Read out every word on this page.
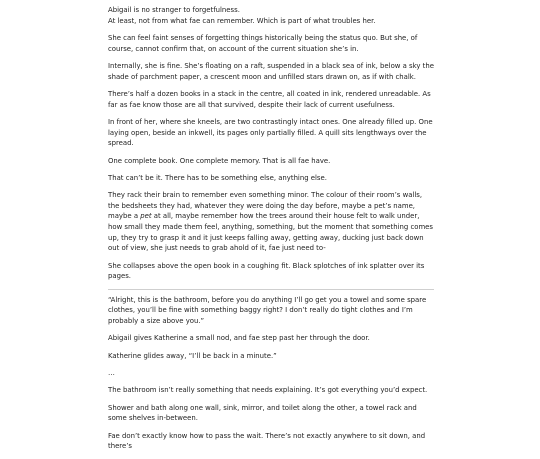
Abigail is no stranger to forgetfulness.

At least, not from what fae can remember. Which is part of what troubles her.

She can feel faint senses of forgetting things historically being the status quo. But she, of course, cannot confirm that, on account of the current situation she’s in.

Internally, she is fine. She’s floating on a raft, suspended in a black sea of ink, below a sky the shade of parchment paper, a crescent moon and unfilled stars drawn on, as if with chalk.

There’s half a dozen books in a stack in the centre, all coated in ink, rendered unreadable. As far as fae know those are all that survived, despite their lack of current usefulness.

In front of her, where she kneels, are two contrastingly intact ones. One already filled up. One laying open, beside an inkwell, its pages only partially filled. A quill sits lengthways over the spread.

One complete book. One complete memory. That is all fae have.

That can’t be it. There has to be something else, anything else.

They rack their brain to remember even something minor. The colour of their room’s walls, the bedsheets they had, whatever they were doing the day before, maybe a pet’s name, maybe a pet at all, maybe remember how the trees around their house felt to walk under, how small they made them feel, anything, something, but the moment that something comes up, they try to grasp it and it just keeps falling away, getting away, ducking just back down out of view, she just needs to grab ahold of it, fae just need to-

She collapses above the open book in a coughing fit. Black splotches of ink splatter over its pages.

“Alright, this is the bathroom, before you do anything I’ll go get you a towel and some spare clothes, you’ll be fine with something baggy right? I don’t really do tight clothes and I’m probably a size above you.”

Abigail gives Katherine a small nod, and fae step past her through the door.

Katherine glides away, “I’ll be back in a minute.”

…

The bathroom isn’t really something that needs explaining. It’s got everything you’d expect.

Shower and bath along one wall, sink, mirror, and toilet along the other, a towel rack and some shelves in-between.

Fae don’t exactly know how to pass the wait. There’s not exactly anywhere to sit down, and there’s
